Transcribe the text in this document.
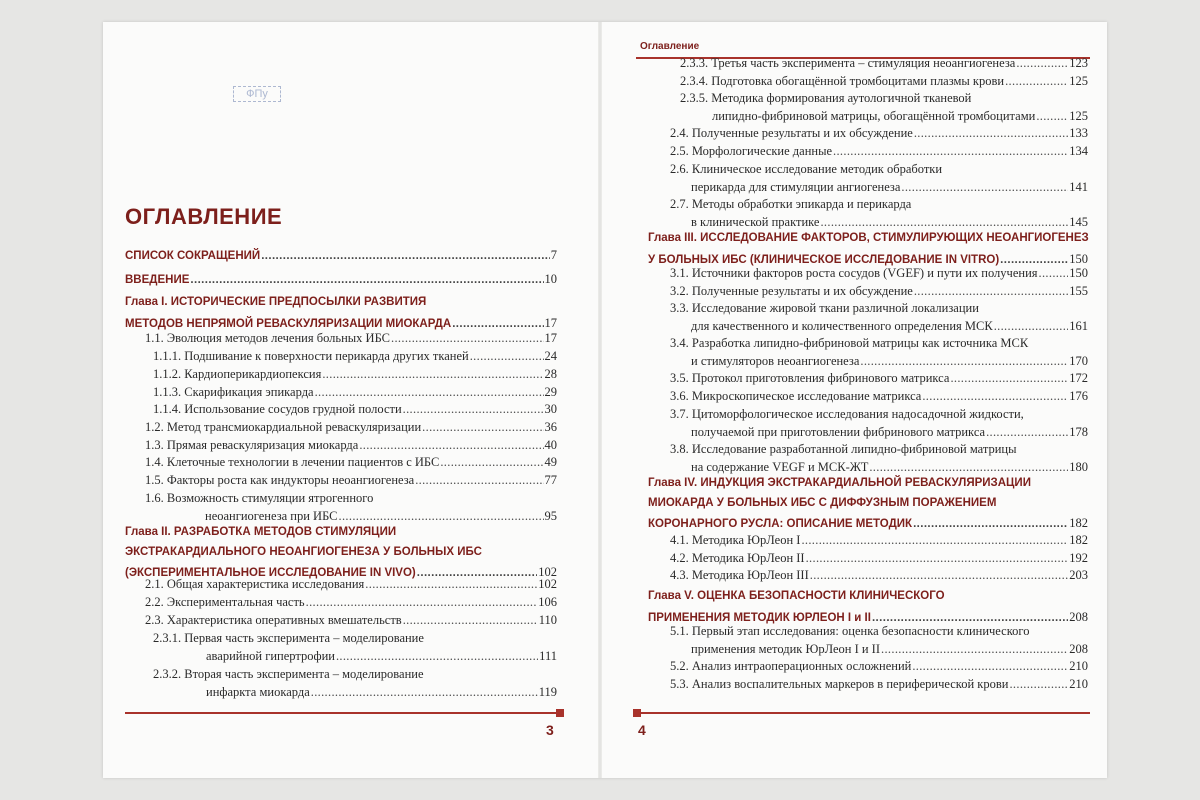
ФПу
ОГЛАВЛЕНИЕ
СПИСОК СОКРАЩЕНИЙ . . .	7
ВВЕДЕНИЕ . . .	10
Глава I. ИСТОРИЧЕСКИЕ ПРЕДПОСЫЛКИ РАЗВИТИЯ
МЕТОДОВ НЕПРЯМОЙ РЕВАСКУЛЯРИЗАЦИИ МИОКАРДА . . .	17
1.1. Эволюция методов лечения больных ИБС . . .	17
1.1.1. Подшивание к поверхности перикарда других тканей . . .	24
1.1.2. Кардиоперикардиопексия . . .	28
1.1.3. Скарификация эпикарда . . .	29
1.1.4. Использование сосудов грудной полости . . .	30
1.2. Метод трансмиокардиальной реваскуляризации . . .	36
1.3. Прямая реваскуляризация миокарда . . .	40
1.4. Клеточные технологии в лечении пациентов с ИБС . . .	49
1.5. Факторы роста как индукторы неоангиогенеза . . .	77
1.6. Возможность стимуляции ятрогенного
неоангиогенеза при ИБС . . .	95
Глава II. РАЗРАБОТКА МЕТОДОВ СТИМУЛЯЦИИ
ЭКСТРАКАРДИАЛЬНОГО НЕОАНГИОГЕНЕЗА У БОЛЬНЫХ ИБС
(ЭКСПЕРИМЕНТАЛЬНОЕ ИССЛЕДОВАНИЕ IN VIVO) . . .	102
2.1. Общая характеристика исследования . . .	102
2.2. Экспериментальная часть . . .	106
2.3. Характеристика оперативных вмешательств . . .	110
2.3.1. Первая часть эксперимента – моделирование
аварийной гипертрофии . . .	111
2.3.2. Вторая часть эксперимента – моделирование
инфаркта миокарда . . .	119
3
Оглавление
2.3.3. Третья часть эксперимента – стимуляция неоангиогенеза . . .	123
2.3.4. Подготовка обогащённой тромбоцитами плазмы крови . . .	125
2.3.5. Методика формирования аутологичной тканевой
липидно-фибриновой матрицы, обогащённой тромбоцитами . . .	125
2.4. Полученные результаты и их обсуждение . . .	133
2.5. Морфологические данные . . .	134
2.6. Клиническое исследование методик обработки
перикарда для стимуляции ангиогенеза . . .	141
2.7. Методы обработки эпикарда и перикарда
в клинической практике . . .	145
Глава III. ИССЛЕДОВАНИЕ ФАКТОРОВ, СТИМУЛИРУЮЩИХ НЕОАНГИОГЕНЕЗ
У БОЛЬНЫХ ИБС (КЛИНИЧЕСКОЕ ИССЛЕДОВАНИЕ IN VITRO) . . .	150
3.1. Источники факторов роста сосудов (VGEF) и пути их получения . . .	150
3.2. Полученные результаты и их обсуждение . . .	155
3.3. Исследование жировой ткани различной локализации
для качественного и количественного определения МСК . . .	161
3.4. Разработка липидно-фибриновой матрицы как источника МСК
и стимуляторов неоангиогенеза . . .	170
3.5. Протокол приготовления фибринового матрикса . . .	172
3.6. Микроскопическое исследование матрикса . . .	176
3.7. Цитоморфологическое исследования надосадочной жидкости,
получаемой при приготовлении фибринового матрикса . . .	178
3.8. Исследование разработанной липидно-фибриновой матрицы
на содержание VEGF и МСК-ЖТ . . .	180
Глава IV. ИНДУКЦИЯ ЭКСТРАКАРДИАЛЬНОЙ РЕВАСКУЛЯРИЗАЦИИ
МИОКАРДА У БОЛЬНЫХ ИБС С ДИФФУЗНЫМ ПОРАЖЕНИЕМ
КОРОНАРНОГО РУСЛА: ОПИСАНИЕ МЕТОДИК . . .	182
4.1. Методика ЮрЛеон I . . .	182
4.2. Методика ЮрЛеон II . . .	192
4.3. Методика ЮрЛеон III . . .	203
Глава V. ОЦЕНКА БЕЗОПАСНОСТИ КЛИНИЧЕСКОГО
ПРИМЕНЕНИЯ МЕТОДИК ЮРЛЕОН I и II . . .	208
5.1. Первый этап исследования: оценка безопасности клинического
применения методик ЮрЛеон I и II . . .	208
5.2. Анализ интраоперационных осложнений . . .	210
5.3. Анализ воспалительных маркеров в периферической крови . . .	210
4
